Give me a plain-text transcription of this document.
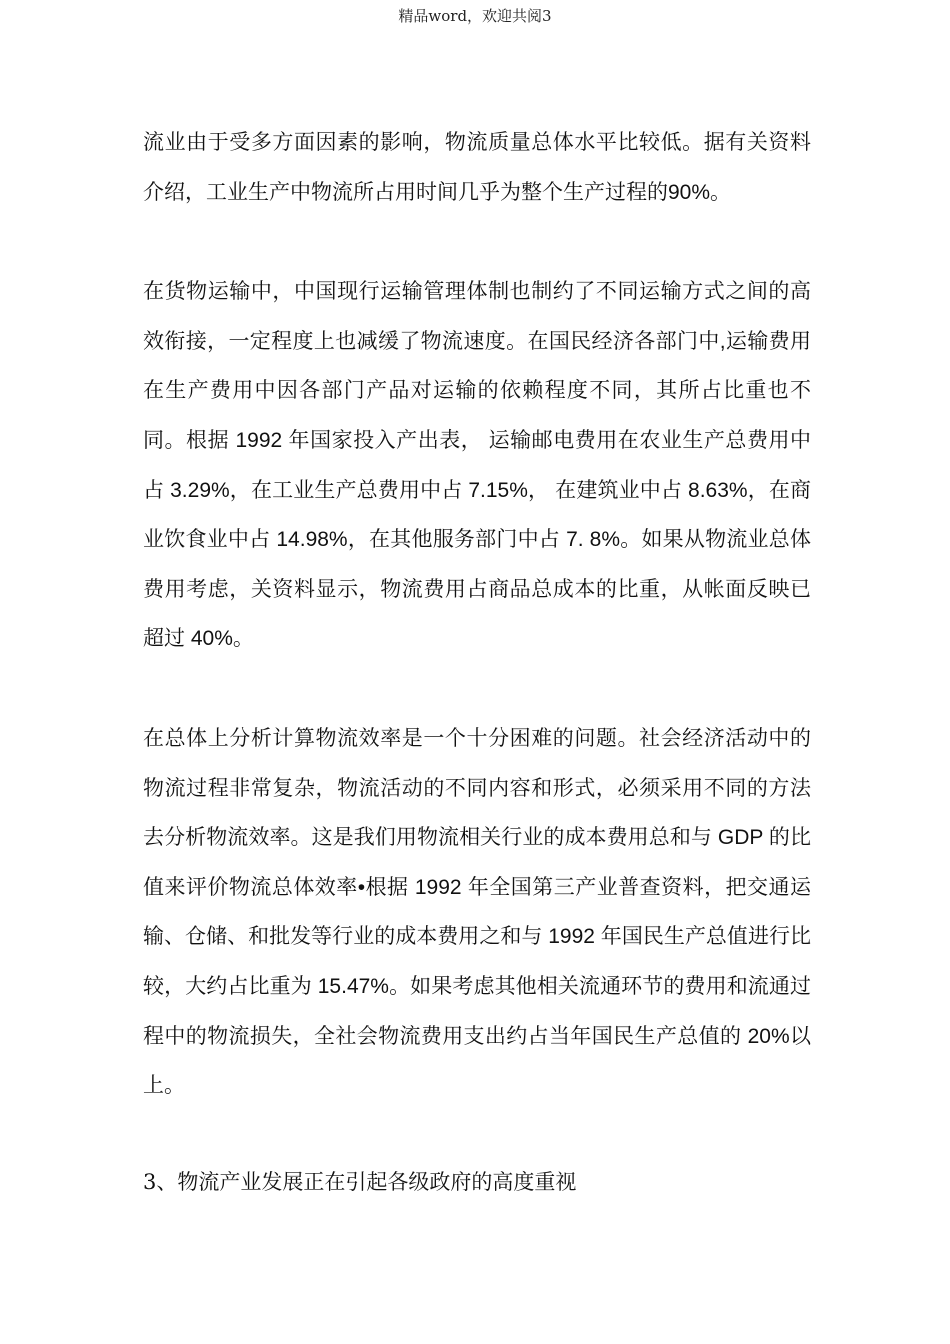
精品word，欢迎共阅3

流业由于受多方面因素的影响，物流质量总体水平比较低。据有关资料介绍，工业生产中物流所占用时间几乎为整个生产过程的90%。

在货物运输中，中国现行运输管理体制也制约了不同运输方式之间的高效衔接，一定程度上也减缓了物流速度。在国民经济各部门中,运输费用在生产费用中因各部门产品对运输的依赖程度不同，其所占比重也不同。根据 1992 年国家投入产出表， 运输邮电费用在农业生产总费用中占 3.29%，在工业生产总费用中占 7.15%， 在建筑业中占 8.63%，在商业饮食业中占 14.98%，在其他服务部门中占 7. 8%。如果从物流业总体费用考虑，关资料显示，物流费用占商品总成本的比重，从帐面反映已超过 40%。

在总体上分析计算物流效率是一个十分困难的问题。社会经济活动中的物流过程非常复杂，物流活动的不同内容和形式，必须采用不同的方法去分析物流效率。这是我们用物流相关行业的成本费用总和与 GDP 的比值来评价物流总体效率•根据 1992 年全国第三产业普查资料，把交通运输、仓储、和批发等行业的成本费用之和与 1992 年国民生产总值进行比较，大约占比重为 15.47%。如果考虑其他相关流通环节的费用和流通过程中的物流损失，全社会物流费用支出约占当年国民生产总值的 20%以上。

3、物流产业发展正在引起各级政府的高度重视
